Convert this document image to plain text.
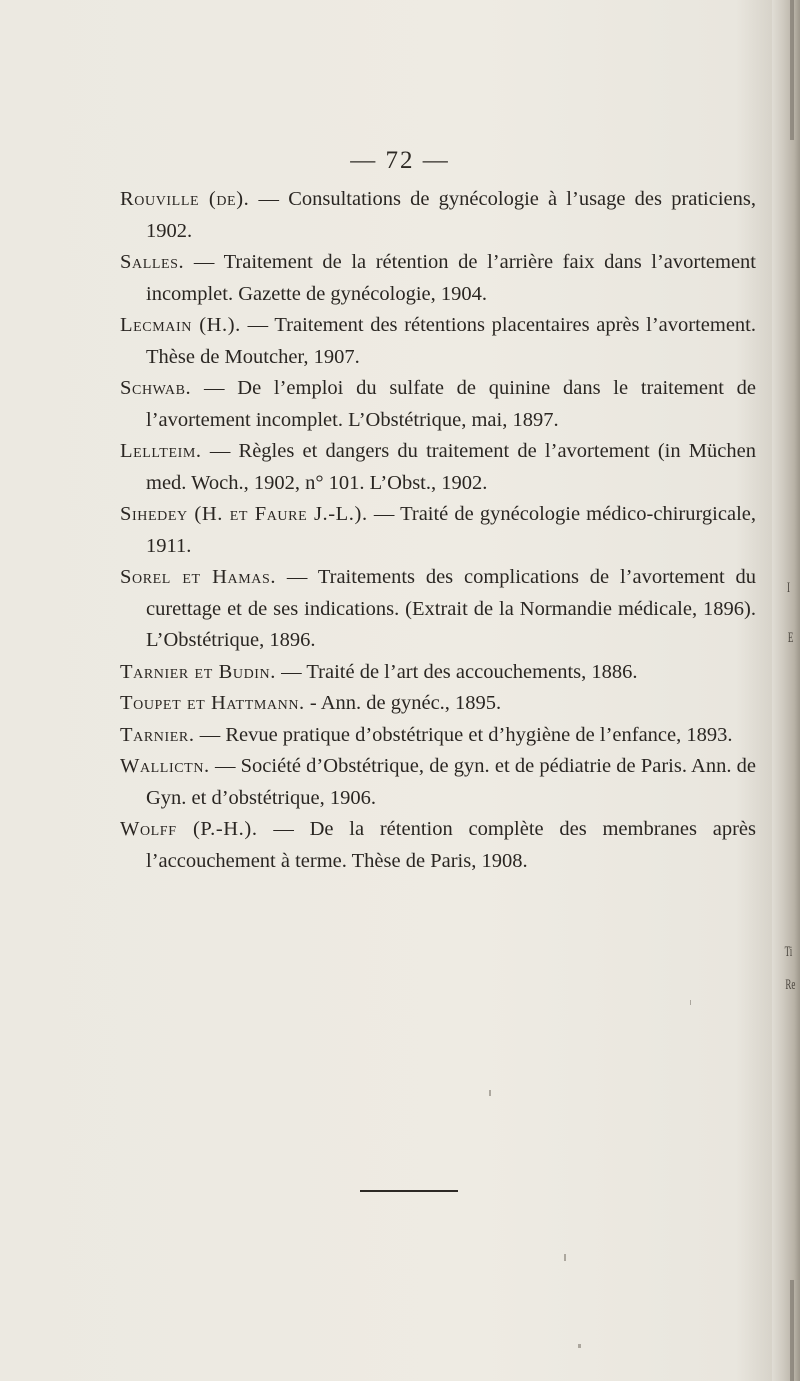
I
E
Ti
Re
— 72 —

Rouville (de). — Consultations de gynécologie à l’usage des praticiens, 1902.

Salles. — Traitement de la rétention de l’arrière faix dans l’avortement incomplet. Gazette de gynécologie, 1904.

Lecmain (H.). — Traitement des rétentions placentaires après l’avortement. Thèse de Moutcher, 1907.

Schwab. — De l’emploi du sulfate de quinine dans le traitement de l’avortement incomplet. L’Obstétrique, mai, 1897.

Lellteim. — Règles et dangers du traitement de l’avortement (in Müchen med. Woch., 1902, n° 101. L’Obst., 1902.

Sihedey (H. et Faure J.-L.). — Traité de gynécologie médico-chirurgicale, 1911.

Sorel et Hamas. — Traitements des complications de l’avortement du curettage et de ses indications. (Extrait de la Normandie médicale, 1896). L’Obstétrique, 1896.

Tarnier et Budin. — Traité de l’art des accouchements, 1886.

Toupet et Hattmann. - Ann. de gynéc., 1895.

Tarnier. — Revue pratique d’obstétrique et d’hygiène de l’enfance, 1893.

Wallictn. — Société d’Obstétrique, de gyn. et de pédiatrie de Paris. Ann. de Gyn. et d’obstétrique, 1906.

Wolff (P.-H.). — De la rétention complète des membranes après l’accouchement à terme. Thèse de Paris, 1908.
